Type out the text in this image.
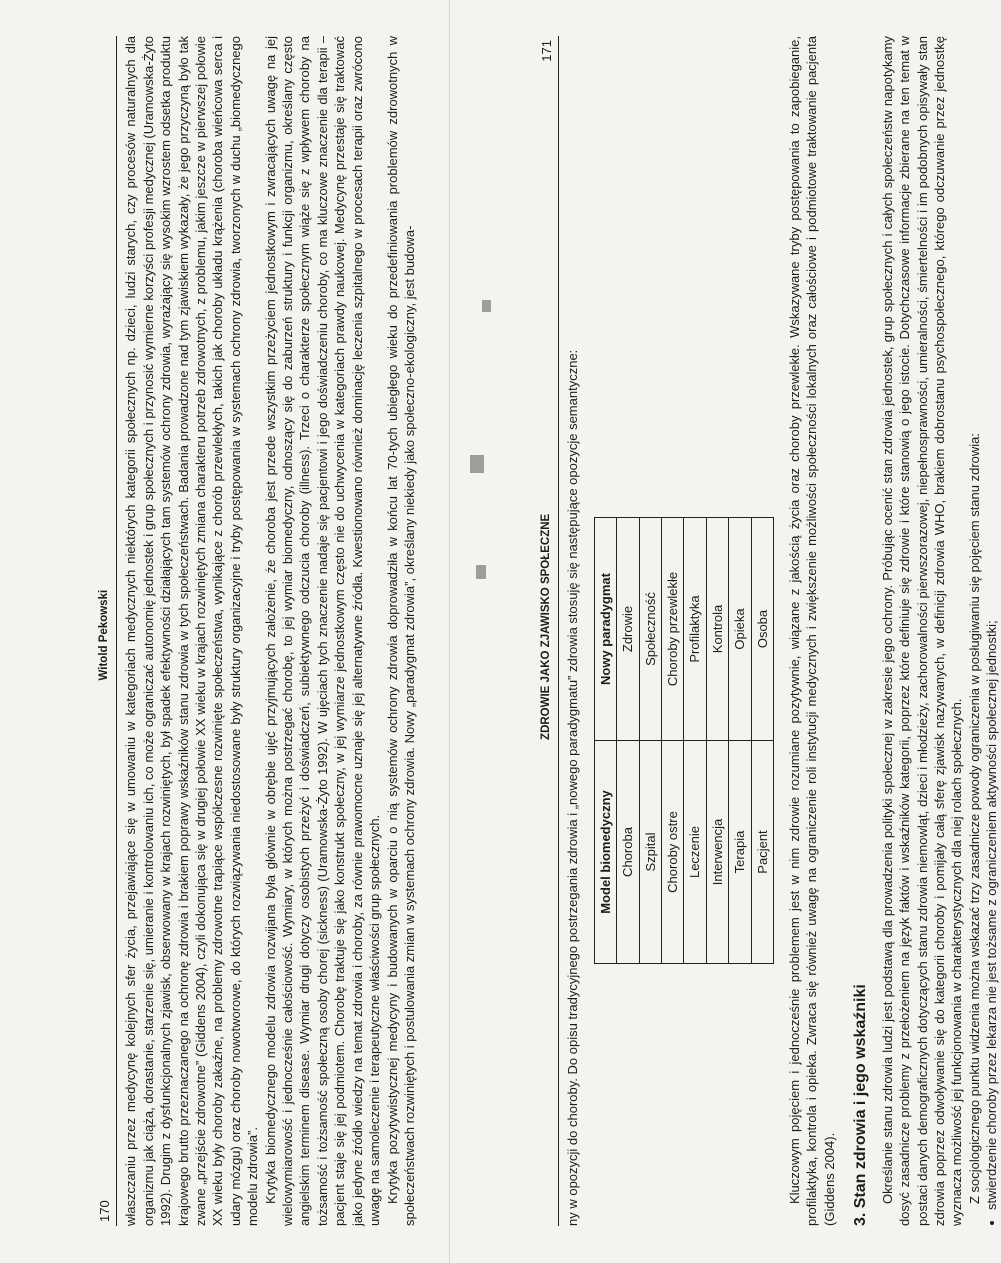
170
Witold Pekowski właszczaniu przez medycynę kolejnych sfer życia, przejawiające się w umowaniu w kategoriach medycznych niektórych kategorii społecznych np. dzieci, ludzi starych, czy procesów naturalnych dla organizmu jak ciąża, dorastanie, starzenie się, umieranie i kontrolowaniu ich, co może ograniczać autonomię jednostek i grup społecznych i przynosić wymierne korzyści profesji medycznej (Uramowska-Żyto 1992). Drugim z dysfunkcjonalnych zjawisk, obserwowany w krajach rozwiniętych, był spadek efektywności działających tam systemów ochrony zdrowia, wyrażający się wysokim wzrostem odsetka produktu krajowego brutto przeznaczanego na ochronę zdrowia i brakiem poprawy wskaźników stanu zdrowia w tych społeczeństwach. Badania prowadzone nad tym zjawiskiem wykazały, że jego przyczyną było tak zwane „przejście zdrowotne” (Giddens 2004), czyli dokonująca się w drugiej połowie XX wieku w krajach rozwiniętych zmiana charakteru potrzeb zdrowotnych, z problemu, jakim jeszcze w pierwszej połowie XX wieku były choroby zakaźne, na problemy zdrowotne trapiące współczesne rozwinięte społeczeństwa, wynikające z chorób przewlekłych, takich jak choroby układu krążenia (choroba wieńcowa serca i udary mózgu) oraz choroby nowotworowe, do których rozwiązywania niedostosowane były struktury organizacyjne i tryby postępowania w systemach ochrony zdrowia, tworzonych w duchu „biomedycznego modelu zdrowia”. Krytyka biomedycznego modelu zdrowia rozwijana była głównie w obrębie ujęć przyjmujących założenie, że choroba jest przede wszystkim przeżyciem jednostkowym i zwracających uwagę na jej wielowymiarowość i jednocześnie całościowość. Wymiary, w których można postrzegać chorobę, to jej wymiar biomedyczny, odnoszący się do zaburzeń struktury i funkcji organizmu, określany często angielskim terminem disease. Wymiar drugi dotyczy osobistych przeżyć i doświadczeń, subiektywnego odczucia choroby (illness). Trzeci o charakterze społecznym wiąże się z wpływem choroby na tożsamość i tożsamość społeczną osoby chorej (sickness) (Uramowska-Żyto 1992). W ujęciach tych znaczenie nadaje się pacjentowi i jego doświadczeniu choroby, co ma kluczowe znaczenie dla terapii – pacjent staje się jej podmiotem. Chorobę traktuje się jako konstrukt społeczny, w jej wymiarze jednostkowym często nie do uchwycenia w kategoriach prawdy naukowej. Medycynę przestaje się traktować jako jedyne źródło wiedzy na temat zdrowia i choroby, za równie prawomocne uznaje się jej alternatywne źródła. Kwestionowano również dominację leczenia szpitalnego w procesach terapii oraz zwrócono uwagę na samoleczenie i terapeutyczne właściwości grup społecznych. Krytyka pozytywistycznej medycyny i budowanych w oparciu o nią systemów ochrony zdrowia doprowadziła w końcu lat 70-tych ubiegłego wieku do przedefiniowania problemów zdrowotnych w społeczeństwach rozwiniętych i postulowania zmian w systemach ochrony zdrowia. Nowy „paradygmat zdrowia”, określany niekiedy jako społeczno-ekologiczny, jest budowa-	ZDROWIE JAKO ZJAWISKO SPOŁECZNE
171

ny w opozycji do choroby. Do opisu tradycyjnego postrzegania zdrowia i „nowego paradygmatu” zdrowia stosuję się następujące opozycje semantyczne: Model biomedyczny	Nowy paradygmat
Choroba	Zdrowie
Szpital	Społeczność
Choroby ostre	Choroby przewlekłe
Leczenie	Profilaktyka
Interwencja	Kontrola
Terapia	Opieka
Pacjent	Osoba Kluczowym pojęciem i jednocześnie problemem jest w nim zdrowie rozumiane pozytywnie, wiązane z jakością życia oraz choroby przewlekłe. Wskazywane tryby postępowania to zapobieganie, profilaktyka, kontrola i opieka. Zwraca się również uwagę na ograniczenie roli instytucji medycznych i zwiększenie możliwości społeczności lokalnych oraz całościowe i podmiotowe traktowanie pacjenta (Giddens 2004). 3. Stan zdrowia i jego wskaźniki Określanie stanu zdrowia ludzi jest podstawą dla prowadzenia polityki społecznej w zakresie jego ochrony. Próbując ocenić stan zdrowia jednostek, grup społecznych i całych społeczeństw napotykamy dosyć zasadnicze problemy z przełożeniem na język faktów i wskaźników kategorii, poprzez które definiuje się zdrowie i które stanowią o jego istocie. Dotychczasowe informacje zbierane na ten temat w postaci danych demograficznych dotyczących stanu zdrowia niemowląt, dzieci i młodzieży, zachorowalności pierwszorazowej, niepełnosprawności, umieralności, śmiertelności i im podobnych opisywały stan zdrowia poprzez odwoływanie się do kategorii choroby i pomijały całą sferę zjawisk nazywanych, w definicji zdrowia WHO, brakiem dobrostanu psychospołecznego, którego odczuwanie przez jednostkę wyznacza możliwość jej funkcjonowania w charakterystycznych dla niej rolach społecznych. Z socjologicznego punktu widzenia można wskazać trzy zasadnicze powody ograniczenia w posługiwaniu się pojęciem stanu zdrowia: • stwierdzenie choroby przez lekarza nie jest tożsame z ograniczeniem aktywności społecznej jednostki;
